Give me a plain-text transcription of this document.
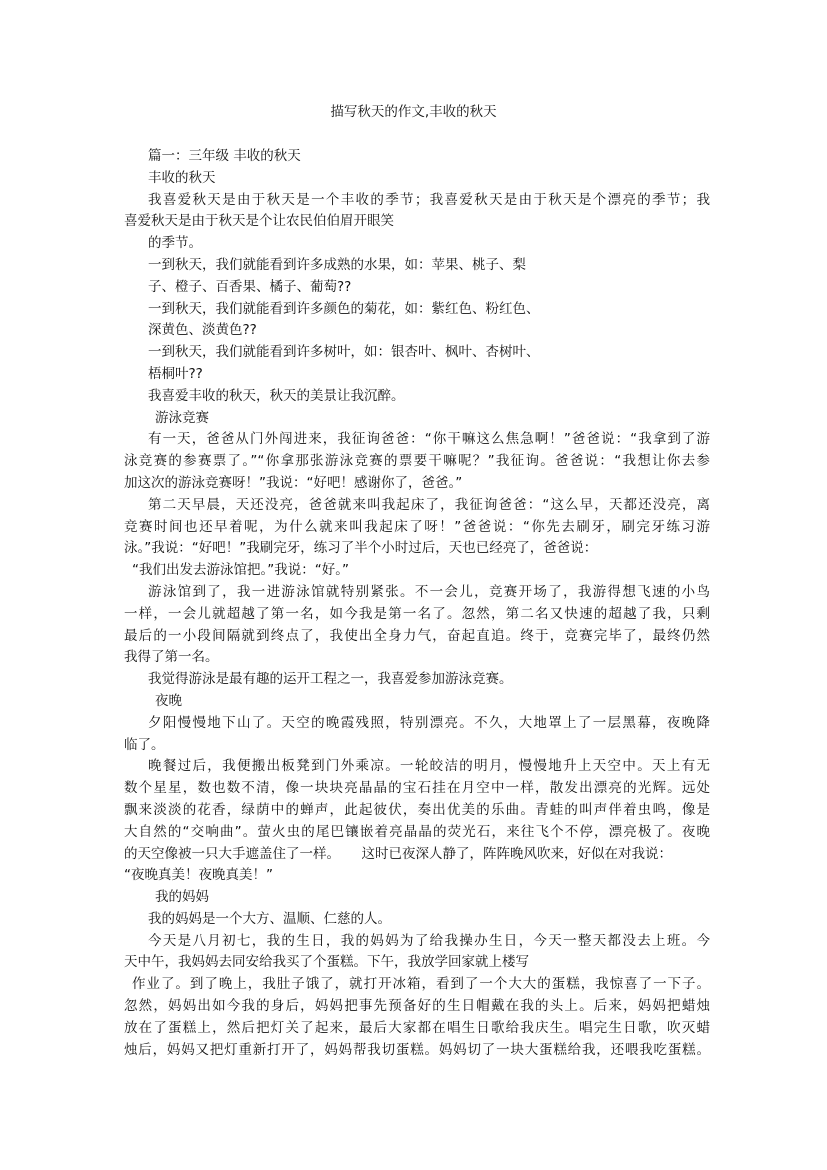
描写秋天的作文,丰收的秋天
篇一：三年级 丰收的秋天
丰收的秋天
我喜爱秋天是由于秋天是一个丰收的季节；我喜爱秋天是由于秋天是个漂亮的季节；我
喜爱秋天是由于秋天是个让农民伯伯眉开眼笑
的季节。
一到秋天，我们就能看到许多成熟的水果，如：苹果、桃子、梨
子、橙子、百香果、橘子、葡萄??
一到秋天，我们就能看到许多颜色的菊花，如：紫红色、粉红色、
深黄色、淡黄色??
一到秋天，我们就能看到许多树叶，如：银杏叶、枫叶、杏树叶、
梧桐叶??
我喜爱丰收的秋天，秋天的美景让我沉醉。
游泳竞赛
有一天，爸爸从门外闯进来，我征询爸爸：“你干嘛这么焦急啊！”爸爸说：“我拿到了游
泳竞赛的参赛票了。”“你拿那张游泳竞赛的票要干嘛呢？”我征询。爸爸说：“我想让你去参
加这次的游泳竞赛呀！”我说：“好吧！感谢你了，爸爸。”
第二天早晨，天还没亮，爸爸就来叫我起床了，我征询爸爸：“这么早，天都还没亮，离
竞赛时间也还早着呢，为什么就来叫我起床了呀！”爸爸说：“你先去刷牙，刷完牙练习游
泳。”我说：“好吧！”我刷完牙，练习了半个小时过后，天也已经亮了，爸爸说：
“我们出发去游泳馆把。”我说：“好。”
游泳馆到了，我一进游泳馆就特别紧张。不一会儿，竞赛开场了，我游得想飞速的小鸟
一样，一会儿就超越了第一名，如今我是第一名了。忽然，第二名又快速的超越了我，只剩
最后的一小段间隔就到终点了，我使出全身力气，奋起直追。终于，竞赛完毕了，最终仍然
我得了第一名。
我觉得游泳是最有趣的运开工程之一，我喜爱参加游泳竞赛。
夜晚
夕阳慢慢地下山了。天空的晚霞残照，特别漂亮。不久，大地罩上了一层黑幕，夜晚降
临了。
晚餐过后，我便搬出板凳到门外乘凉。一轮皎洁的明月，慢慢地升上天空中。天上有无
数个星星，数也数不清，像一块块亮晶晶的宝石挂在月空中一样，散发出漂亮的光辉。远处
飘来淡淡的花香，绿荫中的蝉声，此起彼伏，奏出优美的乐曲。青蛙的叫声伴着虫鸣，像是
大自然的“交响曲”。萤火虫的尾巴镶嵌着亮晶晶的荧光石，来往飞个不停，漂亮极了。夜晚
的天空像被一只大手遮盖住了一样。     这时已夜深人静了，阵阵晚风吹来，好似在对我说：
“夜晚真美！夜晚真美！”
我的妈妈
我的妈妈是一个大方、温顺、仁慈的人。
今天是八月初七，我的生日，我的妈妈为了给我操办生日，今天一整天都没去上班。今
天中午，我妈妈去同安给我买了个蛋糕。下午，我放学回家就上楼写
作业了。到了晚上，我肚子饿了，就打开冰箱，看到了一个大大的蛋糕，我惊喜了一下子。
忽然，妈妈出如今我的身后，妈妈把事先预备好的生日帽戴在我的头上。后来，妈妈把蜡烛
放在了蛋糕上，然后把灯关了起来，最后大家都在唱生日歌给我庆生。唱完生日歌，吹灭蜡
烛后，妈妈又把灯重新打开了，妈妈帮我切蛋糕。妈妈切了一块大蛋糕给我，还喂我吃蛋糕。
